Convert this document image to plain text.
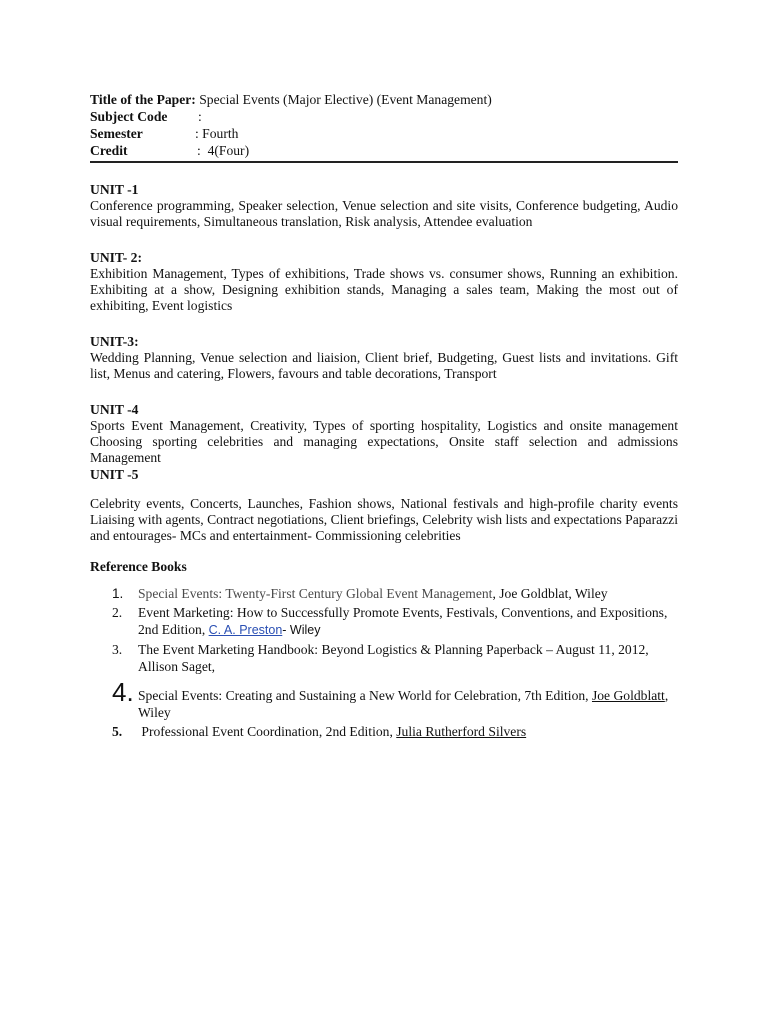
Title of the Paper: Special Events (Major Elective) (Event Management)
Subject Code	:
Semester	: Fourth
Credit	:  4(Four)
UNIT -1
Conference programming, Speaker selection, Venue selection and site visits, Conference budgeting, Audio visual requirements, Simultaneous translation, Risk analysis, Attendee evaluation
UNIT- 2:
Exhibition Management, Types of exhibitions, Trade shows vs. consumer shows, Running an exhibition. Exhibiting at a show, Designing exhibition stands, Managing a sales team, Making the most out of exhibiting, Event logistics
UNIT-3:
Wedding Planning, Venue selection and liaision, Client brief, Budgeting, Guest lists and invitations. Gift list, Menus and catering, Flowers, favours and table decorations, Transport
UNIT -4
Sports Event Management, Creativity, Types of sporting hospitality, Logistics and onsite management Choosing sporting celebrities and managing expectations, Onsite staff selection and admissions Management
UNIT -5
Celebrity events, Concerts, Launches, Fashion shows, National festivals and high-profile charity events Liaising with agents, Contract negotiations, Client briefings, Celebrity wish lists and expectations Paparazzi and entourages- MCs and entertainment- Commissioning celebrities
Reference Books
1.	Special Events: Twenty-First Century Global Event Management, Joe Goldblat, Wiley
2.	Event Marketing: How to Successfully Promote Events, Festivals, Conventions, and Expositions, 2nd Edition, C. A. Preston- Wiley
3.	The Event Marketing Handbook: Beyond Logistics & Planning Paperback – August 11, 2012, Allison Saget,
4. Special Events: Creating and Sustaining a New World for Celebration, 7th Edition, Joe Goldblatt, Wiley
5.	Professional Event Coordination, 2nd Edition, Julia Rutherford Silvers
